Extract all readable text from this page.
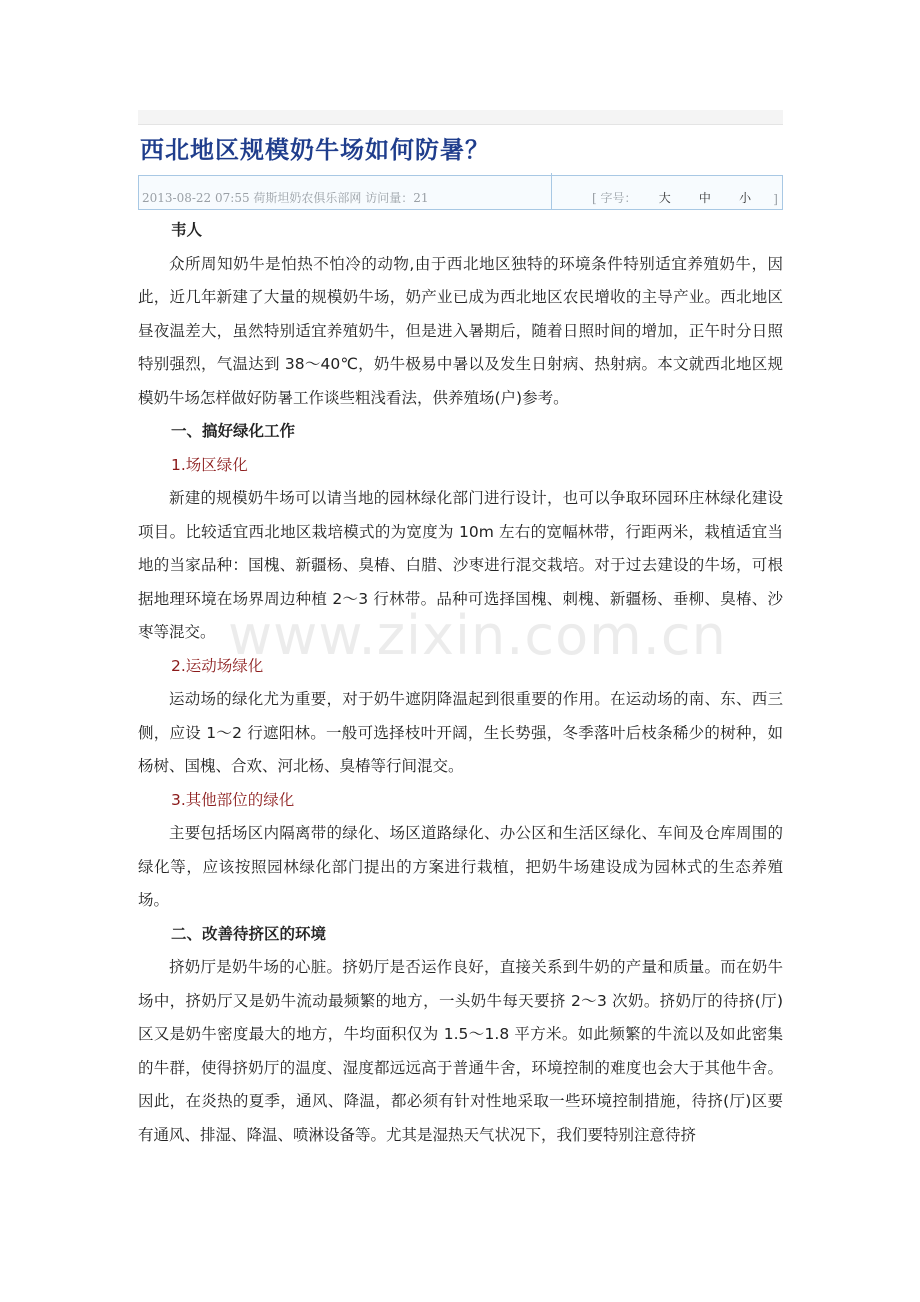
西北地区规模奶牛场如何防暑？
2013-08-22 07:55 荷斯坦奶农俱乐部网 访问量：21	[ 字号： 大 中 小 ]

韦人

众所周知奶牛是怕热不怕冷的动物,由于西北地区独特的环境条件特别适宜养殖奶牛，因此，近几年新建了大量的规模奶牛场，奶产业已成为西北地区农民增收的主导产业。西北地区昼夜温差大，虽然特别适宜养殖奶牛，但是进入暑期后，随着日照时间的增加，正午时分日照特别强烈，气温达到 38～40℃，奶牛极易中暑以及发生日射病、热射病。本文就西北地区规模奶牛场怎样做好防暑工作谈些粗浅看法，供养殖场(户)参考。

一、搞好绿化工作

1.场区绿化

新建的规模奶牛场可以请当地的园林绿化部门进行设计，也可以争取环园环庄林绿化建设项目。比较适宜西北地区栽培模式的为宽度为 10m 左右的宽幅林带，行距两米，栽植适宜当地的当家品种：国槐、新疆杨、臭椿、白腊、沙枣进行混交栽培。对于过去建设的牛场，可根据地理环境在场界周边种植 2～3 行林带。品种可选择国槐、刺槐、新疆杨、垂柳、臭椿、沙枣等混交。

2.运动场绿化

运动场的绿化尤为重要，对于奶牛遮阴降温起到很重要的作用。在运动场的南、东、西三侧，应设 1～2 行遮阳林。一般可选择枝叶开阔，生长势强，冬季落叶后枝条稀少的树种，如杨树、国槐、合欢、河北杨、臭椿等行间混交。

3.其他部位的绿化

主要包括场区内隔离带的绿化、场区道路绿化、办公区和生活区绿化、车间及仓库周围的绿化等，应该按照园林绿化部门提出的方案进行栽植，把奶牛场建设成为园林式的生态养殖场。

二、改善待挤区的环境

挤奶厅是奶牛场的心脏。挤奶厅是否运作良好，直接关系到牛奶的产量和质量。而在奶牛场中，挤奶厅又是奶牛流动最频繁的地方，一头奶牛每天要挤 2～3 次奶。挤奶厅的待挤(厅)区又是奶牛密度最大的地方，牛均面积仅为 1.5～1.8 平方米。如此频繁的牛流以及如此密集的牛群，使得挤奶厅的温度、湿度都远远高于普通牛舍，环境控制的难度也会大于其他牛舍。因此，在炎热的夏季，通风、降温，都必须有针对性地采取一些环境控制措施，待挤(厅)区要有通风、排湿、降温、喷淋设备等。尤其是湿热天气状况下，我们要特别注意待挤

www.zixin.com.cn
